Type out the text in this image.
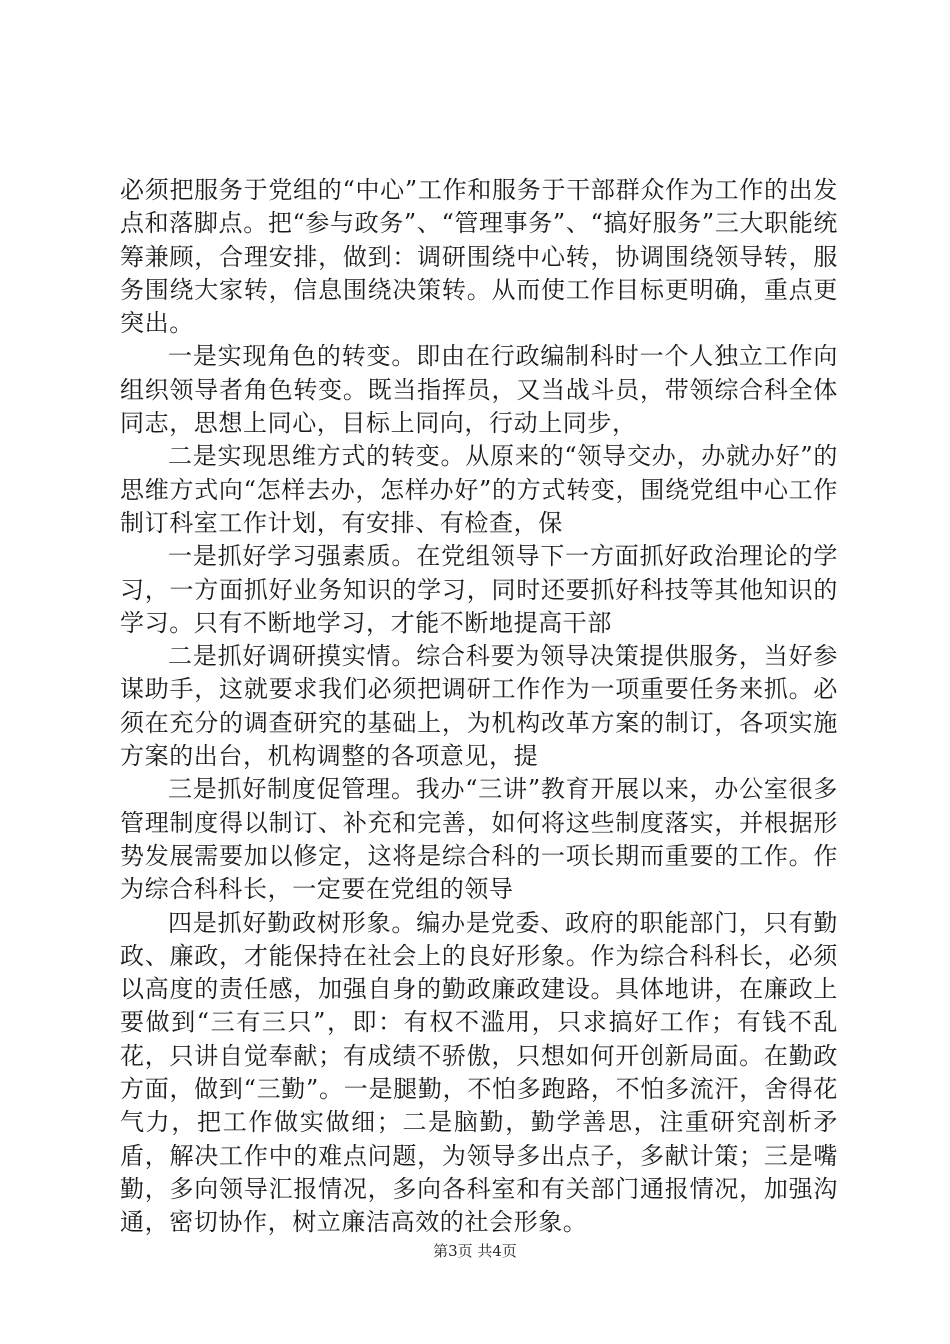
必须把服务于党组的“中心”工作和服务于干部群众作为工作的出发点和落脚点。把“参与政务”、“管理事务”、“搞好服务”三大职能统筹兼顾，合理安排，做到：调研围绕中心转，协调围绕领导转，服务围绕大家转，信息围绕决策转。从而使工作目标更明确，重点更突出。

一是实现角色的转变。即由在行政编制科时一个人独立工作向组织领导者角色转变。既当指挥员，又当战斗员，带领综合科全体同志，思想上同心，目标上同向，行动上同步，

二是实现思维方式的转变。从原来的“领导交办，办就办好”的思维方式向“怎样去办，怎样办好”的方式转变，围绕党组中心工作制订科室工作计划，有安排、有检查，保

一是抓好学习强素质。在党组领导下一方面抓好政治理论的学习，一方面抓好业务知识的学习，同时还要抓好科技等其他知识的学习。只有不断地学习，才能不断地提高干部

二是抓好调研摸实情。综合科要为领导决策提供服务，当好参谋助手，这就要求我们必须把调研工作作为一项重要任务来抓。必须在充分的调查研究的基础上，为机构改革方案的制订，各项实施方案的出台，机构调整的各项意见，提

三是抓好制度促管理。我办“三讲”教育开展以来，办公室很多管理制度得以制订、补充和完善，如何将这些制度落实，并根据形势发展需要加以修定，这将是综合科的一项长期而重要的工作。作为综合科科长，一定要在党组的领导

四是抓好勤政树形象。编办是党委、政府的职能部门，只有勤政、廉政，才能保持在社会上的良好形象。作为综合科科长，必须以高度的责任感，加强自身的勤政廉政建设。具体地讲，在廉政上要做到“三有三只”，即：有权不滥用，只求搞好工作；有钱不乱花，只讲自觉奉献；有成绩不骄傲，只想如何开创新局面。在勤政方面，做到“三勤”。一是腿勤，不怕多跑路，不怕多流汗，舍得花气力，把工作做实做细；二是脑勤，勤学善思，注重研究剖析矛盾，解决工作中的难点问题，为领导多出点子，多献计策；三是嘴勤，多向领导汇报情况，多向各科室和有关部门通报情况，加强沟通，密切协作，树立廉洁高效的社会形象。

第3页 共4页
